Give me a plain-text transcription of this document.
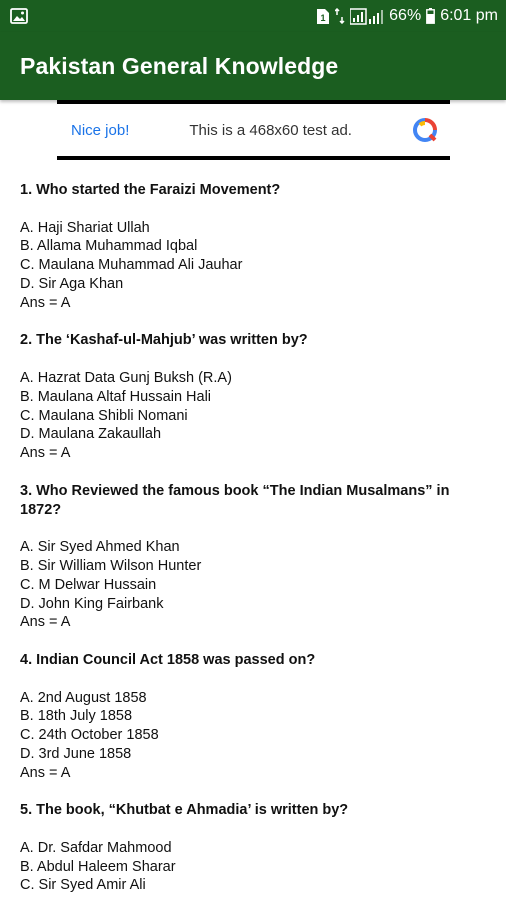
1	66% 6:01 pm
Pakistan General Knowledge
Nice job!	This is a 468x60 test ad.
1. Who started the Faraizi Movement?
A. Haji Shariat Ullah
B. Allama Muhammad Iqbal
C. Maulana Muhammad Ali Jauhar
D. Sir Aga Khan
Ans = A
2. The ‘Kashaf-ul-Mahjub’ was written by?
A. Hazrat Data Gunj Buksh (R.A)
B. Maulana Altaf Hussain Hali
C. Maulana Shibli Nomani
D. Maulana Zakaullah
Ans = A
3. Who Reviewed the famous book “The Indian Musalmans” in 1872?
A. Sir Syed Ahmed Khan
B. Sir William Wilson Hunter
C. M Delwar Hussain
D. John King Fairbank
Ans = A
4. Indian Council Act 1858 was passed on?
A. 2nd August 1858
B. 18th July 1858
C. 24th October 1858
D. 3rd June 1858
Ans = A
5. The book, “Khutbat e Ahmadia’ is written by?
A. Dr. Safdar Mahmood
B. Abdul Haleem Sharar
C. Sir Syed Amir Ali
